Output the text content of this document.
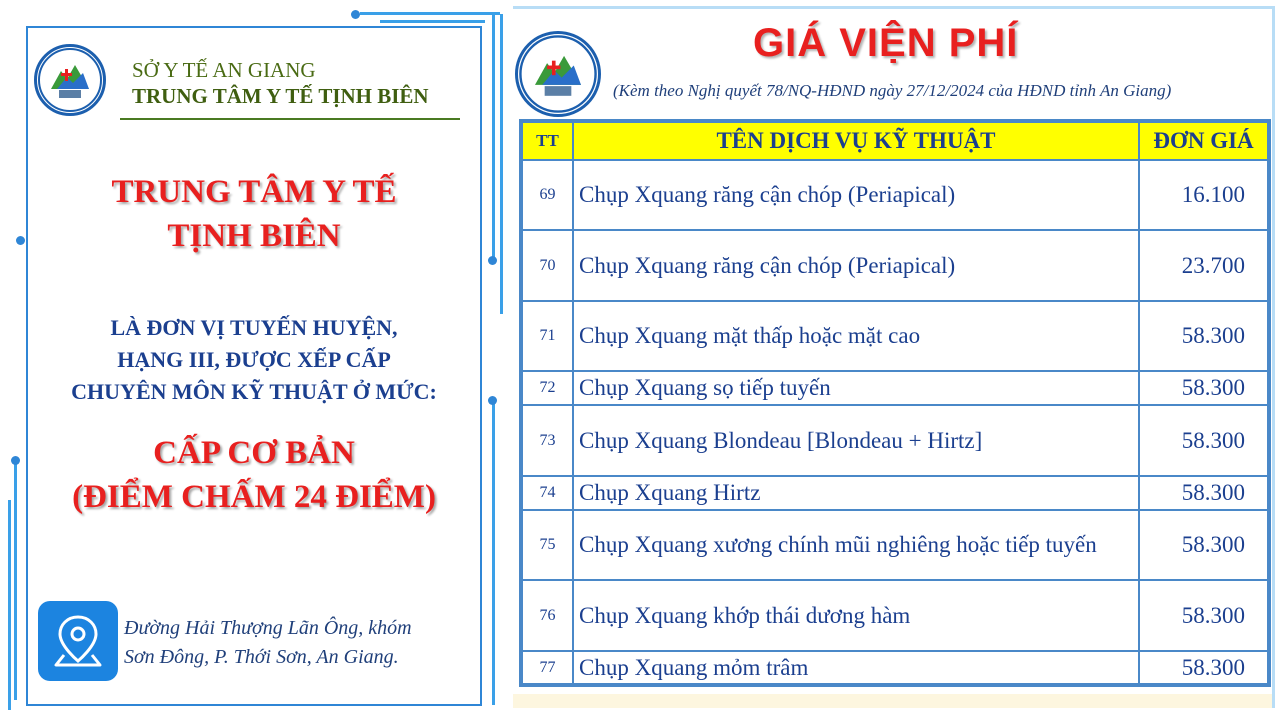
SỞ Y TẾ AN GIANG
TRUNG TÂM Y TẾ TỊNH BIÊN
TRUNG TÂM Y TẾ
TỊNH BIÊN
LÀ ĐƠN VỊ TUYẾN HUYỆN,
HẠNG III, ĐƯỢC XẾP CẤP
CHUYÊN MÔN KỸ THUẬT Ở MỨC:
CẤP CƠ BẢN
(ĐIỂM CHẤM 24 ĐIỂM)
Đường Hải Thượng Lãn Ông, khóm
Sơn Đông, P. Thới Sơn, An Giang.
GIÁ VIỆN PHÍ
(Kèm theo Nghị quyết 78/NQ-HĐND ngày 27/12/2024 của HĐND tỉnh An Giang)
TT	TÊN DỊCH VỤ KỸ THUẬT	ĐƠN GIÁ
69	Chụp Xquang răng cận chóp (Periapical)	16.100
70	Chụp Xquang răng cận chóp (Periapical)	23.700
71	Chụp Xquang mặt thấp hoặc mặt cao	58.300
72	Chụp Xquang sọ tiếp tuyến	58.300
73	Chụp Xquang Blondeau [Blondeau + Hirtz]	58.300
74	Chụp Xquang Hirtz	58.300
75	Chụp Xquang xương chính mũi nghiêng hoặc tiếp tuyến	58.300
76	Chụp Xquang khớp thái dương hàm	58.300
77	Chụp Xquang mỏm trâm	58.300
